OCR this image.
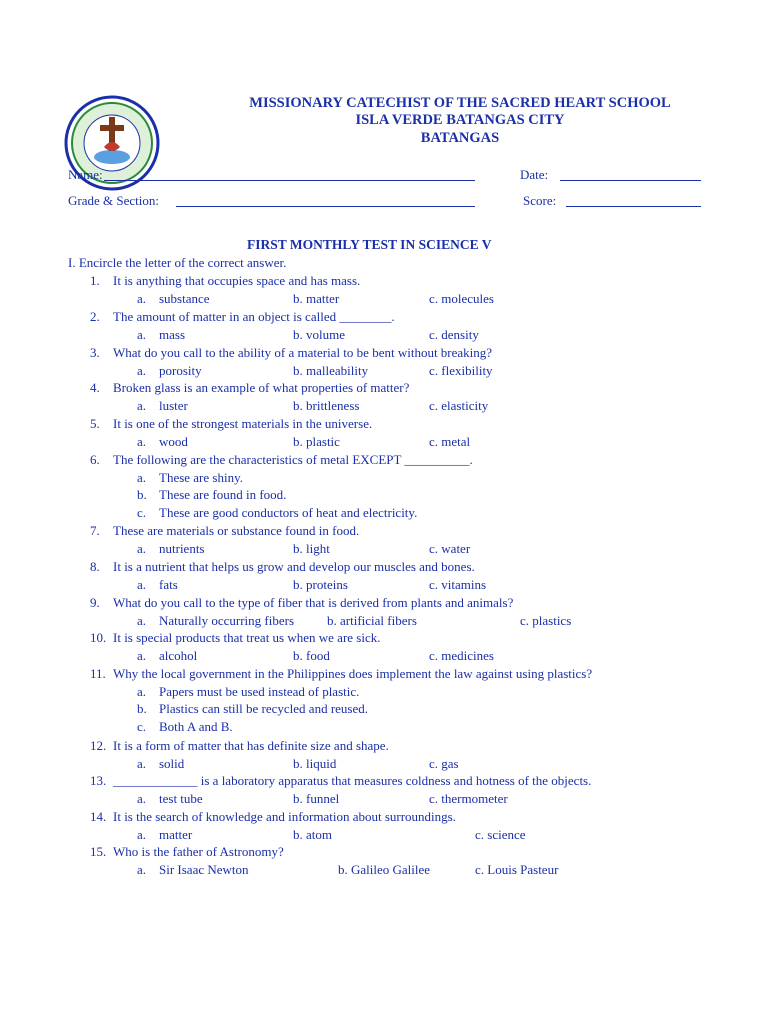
MISSIONARY CATECHIST OF THE SACRED HEART SCHOOL
ISLA VERDE BATANGAS CITY
BATANGAS
Name:	Date:
Grade & Section:	Score:
FIRST MONTHLY TEST IN SCIENCE V
I. Encircle the letter of the correct answer.
1. It is anything that occupies space and has mass.
a. substance	b. matter	c. molecules
2. The amount of matter in an object is called ________.
a. mass	b. volume	c. density
3. What do you call to the ability of a material to be bent without breaking?
a. porosity	b. malleability	c. flexibility
4. Broken glass is an example of what properties of matter?
a. luster	b. brittleness	c. elasticity
5. It is one of the strongest materials in the universe.
a. wood	b. plastic	c. metal
6. The following are the characteristics of metal EXCEPT __________.
a. These are shiny.
b. These are found in food.
c. These are good conductors of heat and electricity.
7. These are materials or substance found in food.
a. nutrients	b. light	c. water
8. It is a nutrient that helps us grow and develop our muscles and bones.
a. fats	b. proteins	c. vitamins
9. What do you call to the type of fiber that is derived from plants and animals?
a. Naturally occurring fibers	b. artificial fibers	c. plastics
10. It is special products that treat us when we are sick.
a. alcohol	b. food	c. medicines
11. Why the local government in the Philippines does implement the law against using plastics?
a. Papers must be used instead of plastic.
b. Plastics can still be recycled and reused.
c. Both A and B.
12. It is a form of matter that has definite size and shape.
a. solid	b. liquid	c. gas
13. _____________ is a laboratory apparatus that measures coldness and hotness of the objects.
a. test tube	b. funnel	c. thermometer
14. It is the search of knowledge and information about surroundings.
a. matter	b. atom	c. science
15. Who is the father of Astronomy?
a. Sir Isaac Newton	b. Galileo Galilee	c. Louis Pasteur
